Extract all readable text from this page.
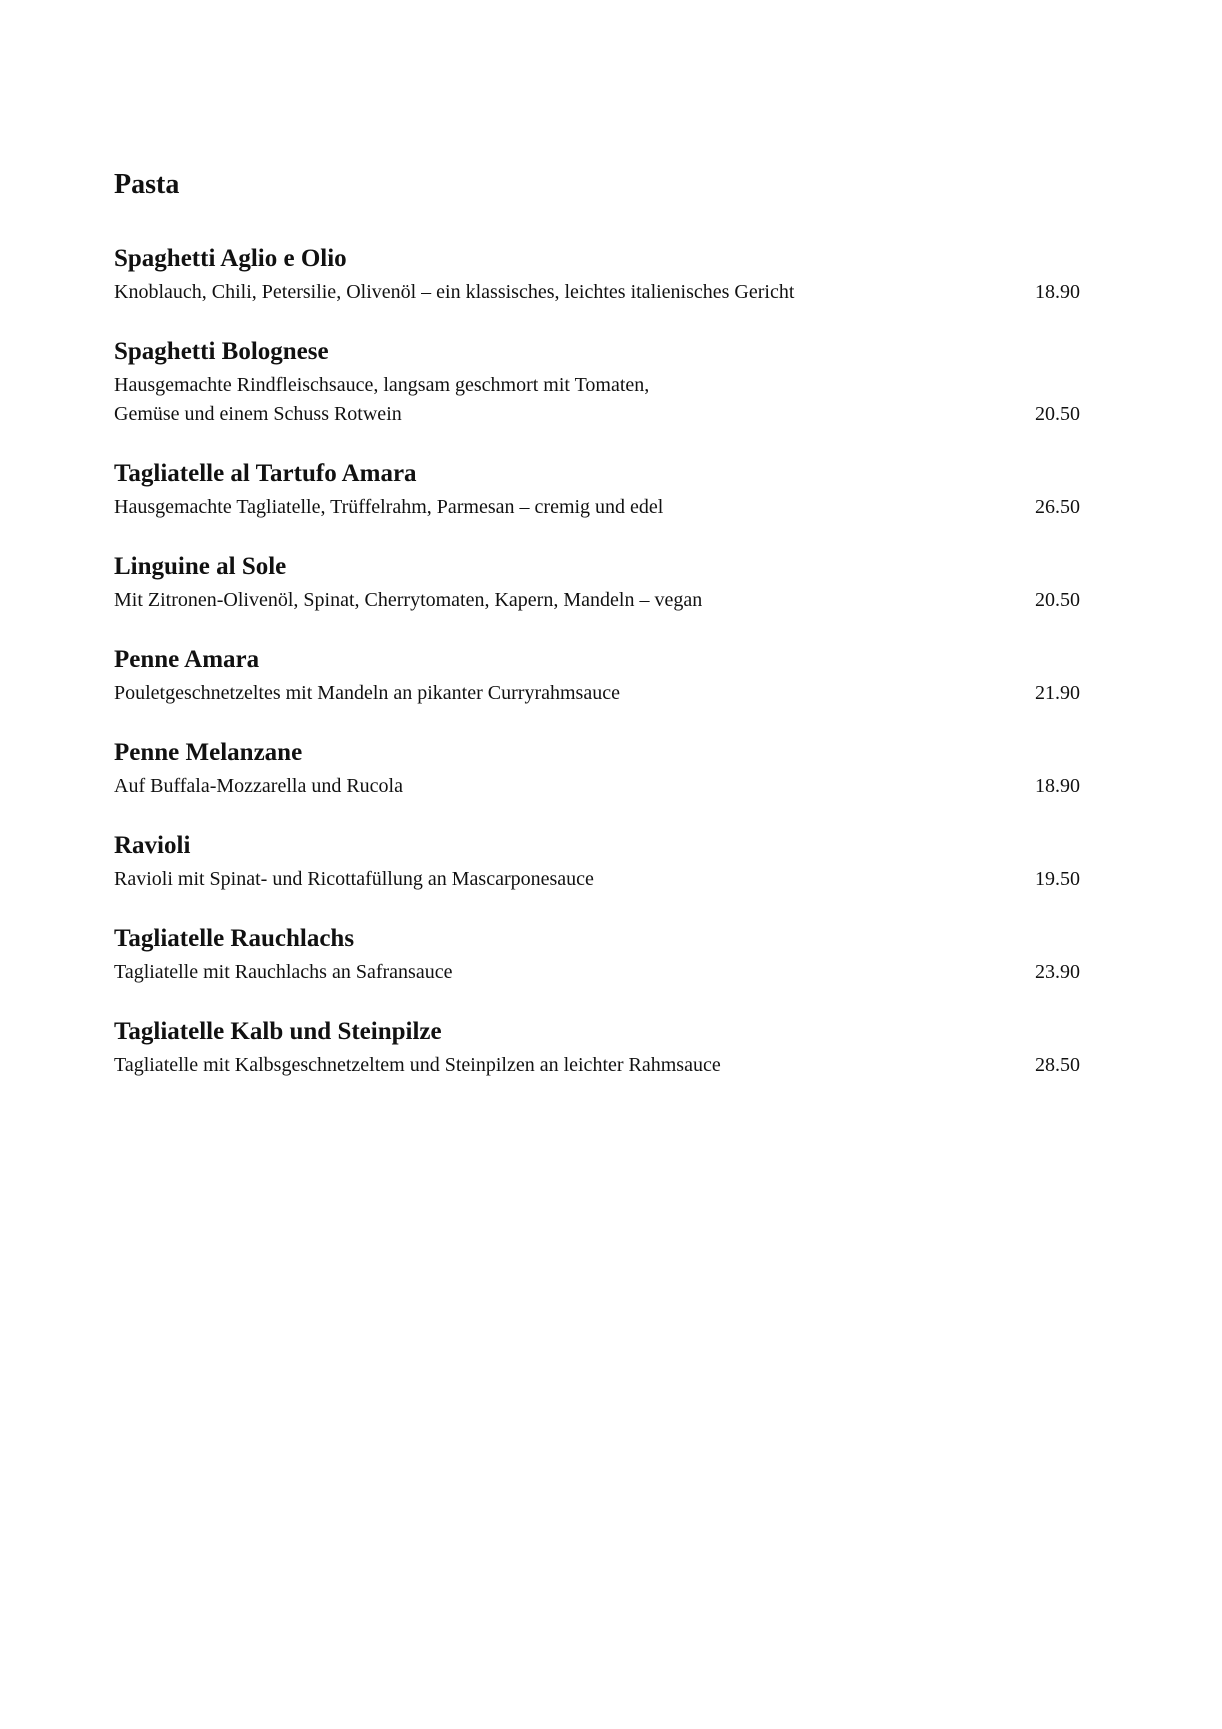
Pasta
Spaghetti Aglio e Olio
Knoblauch, Chili, Petersilie, Olivenöl – ein klassisches, leichtes italienisches Gericht	18.90
Spaghetti Bolognese
Hausgemachte Rindfleischsauce, langsam geschmort mit Tomaten,
Gemüse und einem Schuss Rotwein	20.50
Tagliatelle al Tartufo Amara
Hausgemachte Tagliatelle, Trüffelrahm, Parmesan – cremig und edel	26.50
Linguine al Sole
Mit Zitronen-Olivenöl, Spinat, Cherrytomaten, Kapern, Mandeln – vegan	20.50
Penne Amara
Pouletgeschnetzeltes mit Mandeln an pikanter Curryrahmsauce	21.90
Penne Melanzane
Auf Buffala-Mozzarella und Rucola	18.90
Ravioli
Ravioli mit Spinat- und Ricottafüllung an Mascarponesauce	19.50
Tagliatelle Rauchlachs
Tagliatelle mit Rauchlachs an Safransauce	23.90
Tagliatelle Kalb und Steinpilze
Tagliatelle mit Kalbsgeschnetzeltem und Steinpilzen an leichter Rahmsauce	28.50
